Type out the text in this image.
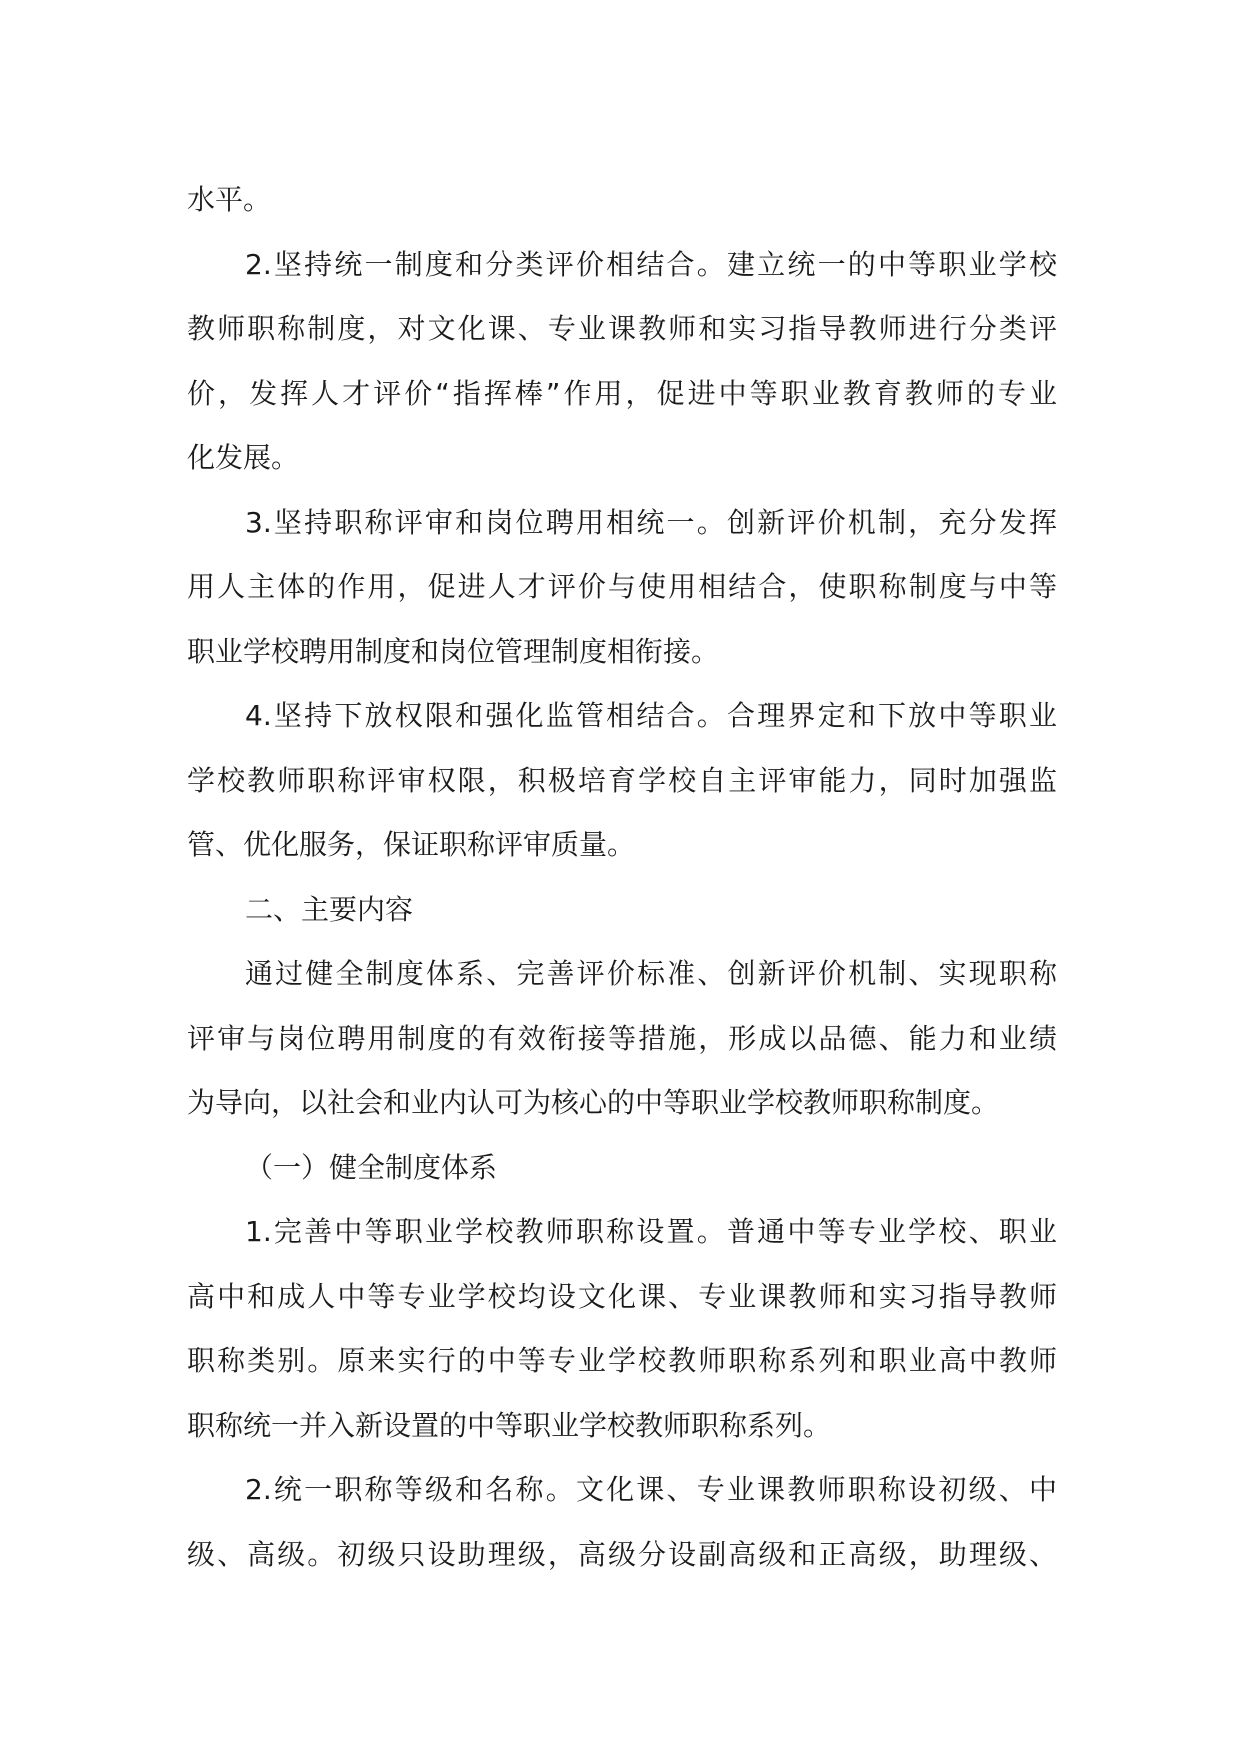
水平。
2.坚持统一制度和分类评价相结合。建立统一的中等职业学校
教师职称制度，对文化课、专业课教师和实习指导教师进行分类评
价，发挥人才评价“指挥棒”作用，促进中等职业教育教师的专业
化发展。
3.坚持职称评审和岗位聘用相统一。创新评价机制，充分发挥
用人主体的作用，促进人才评价与使用相结合，使职称制度与中等
职业学校聘用制度和岗位管理制度相衔接。
4.坚持下放权限和强化监管相结合。合理界定和下放中等职业
学校教师职称评审权限，积极培育学校自主评审能力，同时加强监
管、优化服务，保证职称评审质量。
二、主要内容
通过健全制度体系、完善评价标准、创新评价机制、实现职称
评审与岗位聘用制度的有效衔接等措施，形成以品德、能力和业绩
为导向，以社会和业内认可为核心的中等职业学校教师职称制度。
（一）健全制度体系
1.完善中等职业学校教师职称设置。普通中等专业学校、职业
高中和成人中等专业学校均设文化课、专业课教师和实习指导教师
职称类别。原来实行的中等专业学校教师职称系列和职业高中教师
职称统一并入新设置的中等职业学校教师职称系列。
2.统一职称等级和名称。文化课、专业课教师职称设初级、中
级、高级。初级只设助理级，高级分设副高级和正高级，助理级、
